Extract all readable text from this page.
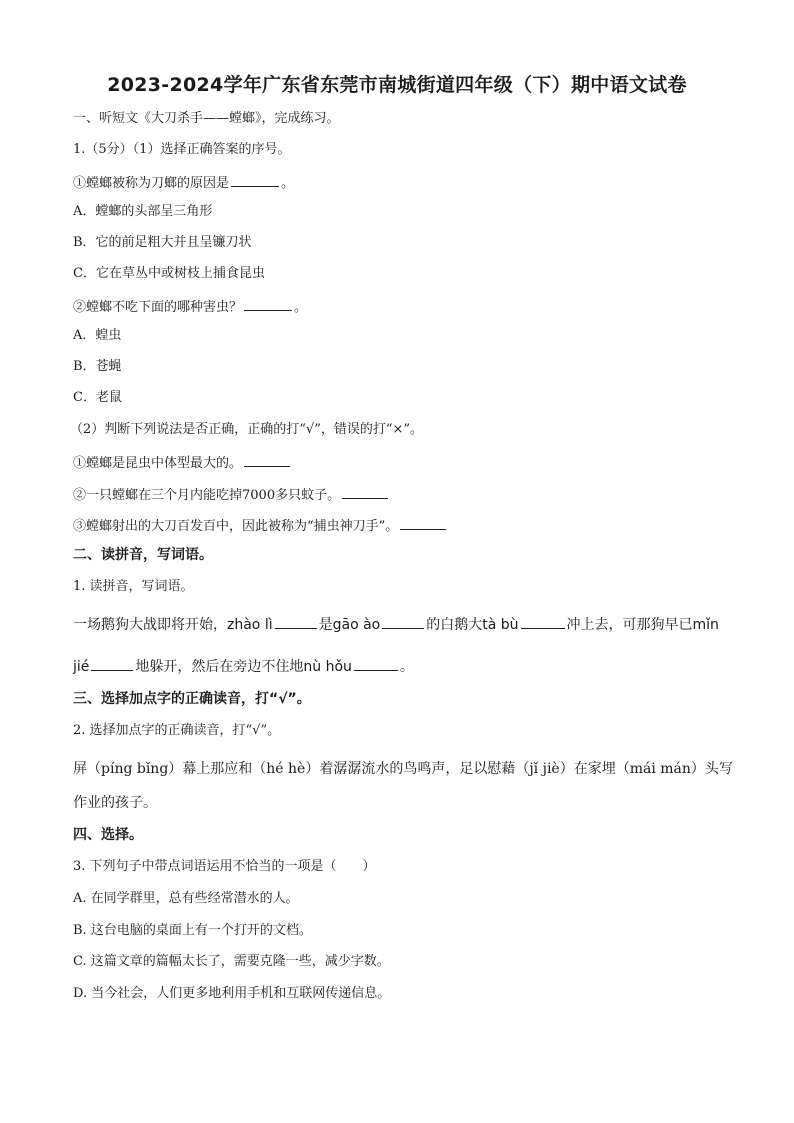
2023-2024学年广东省东莞市南城街道四年级（下）期中语文试卷
一、听短文《大刀杀手——螳螂》，完成练习。
1.（5分）（1）选择正确答案的序号。
①螳螂被称为刀螂的原因是	。
A．螳螂的头部呈三角形
B．它的前足粗大并且呈镰刀状
C．它在草丛中或树枝上捕食昆虫
②螳螂不吃下面的哪种害虫？	。
A．蝗虫
B．苍蝇
C．老鼠
（2）判断下列说法是否正确，正确的打“√”，错误的打“×”。
①螳螂是昆虫中体型最大的。
②一只螳螂在三个月内能吃掉7000多只蚊子。
③螳螂射出的大刀百发百中，因此被称为“捕虫神刀手”。
二、读拼音，写词语。
1. 读拼音，写词语。
一场鹅狗大战即将开始，zhào lì	是gāo ào	的白鹅大tà bù	冲上去，可那狗早已mǐn
jié	地躲开，然后在旁边不住地nù hǒu	。
三、选择加点字的正确读音，打“√”。
2. 选择加点字的正确读音，打“√”。
屏（píng bǐng）幕上那应和（hé hè）着潺潺流水的鸟鸣声，足以慰藉（jǐ jiè）在家埋（mái mán）头写
作业的孩子。
四、选择。
3. 下列句子中带点词语运用不恰当的一项是（　　）
A. 在同学群里，总有些经常潜水的人。
B. 这台电脑的桌面上有一个打开的文档。
C. 这篇文章的篇幅太长了，需要克隆一些，减少字数。
D. 当今社会，人们更多地利用手机和互联网传递信息。
